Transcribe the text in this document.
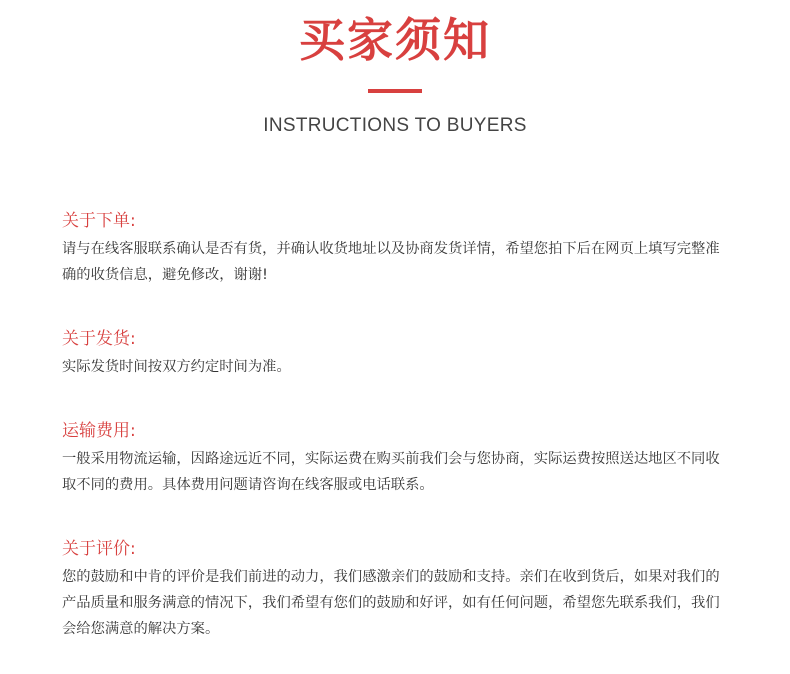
买家须知
INSTRUCTIONS TO BUYERS
关于下单:

请与在线客服联系确认是否有货，并确认收货地址以及协商发货详情，希望您拍下后在网页上填写完整准确的收货信息，避免修改，谢谢!

关于发货:

实际发货时间按双方约定时间为准。

运输费用:

一般采用物流运输，因路途远近不同，实际运费在购买前我们会与您协商，实际运费按照送达地区不同收取不同的费用。具体费用问题请咨询在线客服或电话联系。

关于评价:

您的鼓励和中肯的评价是我们前进的动力，我们感激亲们的鼓励和支持。亲们在收到货后，如果对我们的产品质量和服务满意的情况下，我们希望有您们的鼓励和好评，如有任何问题，希望您先联系我们，我们会给您满意的解决方案。
